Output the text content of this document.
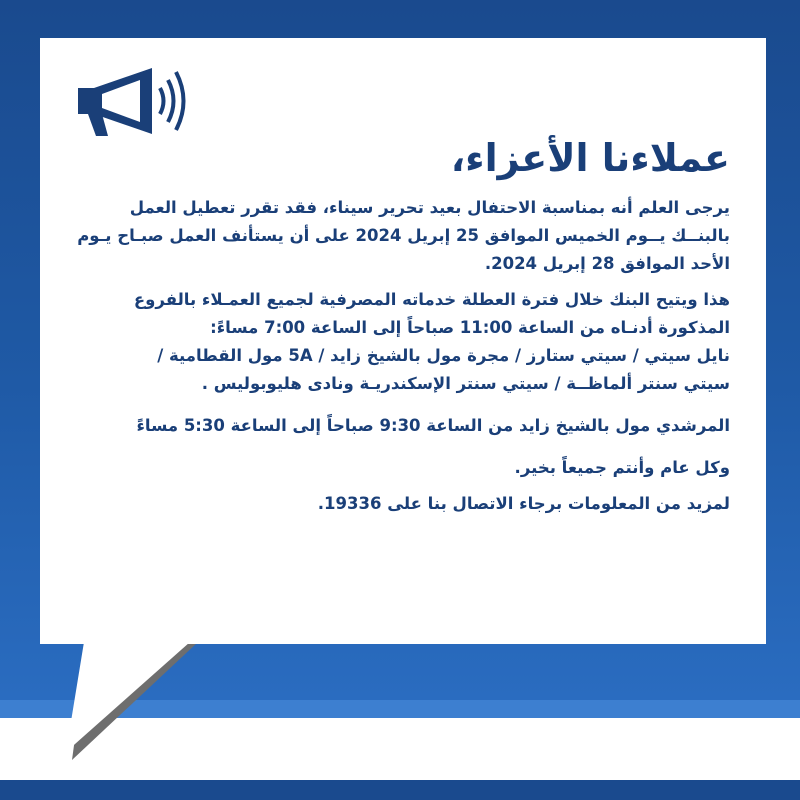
عملاءنا الأعزاء،

يرجى العلم أنه بمناسبة الاحتفال بعيد تحرير سيناء، فقد تقرر تعطيل العمل

بالبنــك يــوم الخميس الموافق 25 إبريل 2024 على أن يستأنف العمل صبـاح يـوم

الأحد الموافق 28 إبريل 2024.

هذا ويتيح البنك خلال فترة العطلة خدماته المصرفية لجميع العمـلاء بالفروع

المذكورة أدنـاه من الساعة 11:00 صباحاً إلى الساعة 7:00 مساءً:

نايل سيتي / سيتي ستارز / مجرة مول بالشيخ زايد / 5A مول القطامية /

سيتي سنتر ألماظــة / سيتي سنتر الإسكندريـة ونادى هليوبوليس .

المرشدي مول بالشيخ زايد من الساعة 9:30 صباحاً إلى الساعة 5:30 مساءً

وكل عام وأنتم جميعاً بخير.

لمزيد من المعلومات برجاء الاتصال بنا على 19336.
